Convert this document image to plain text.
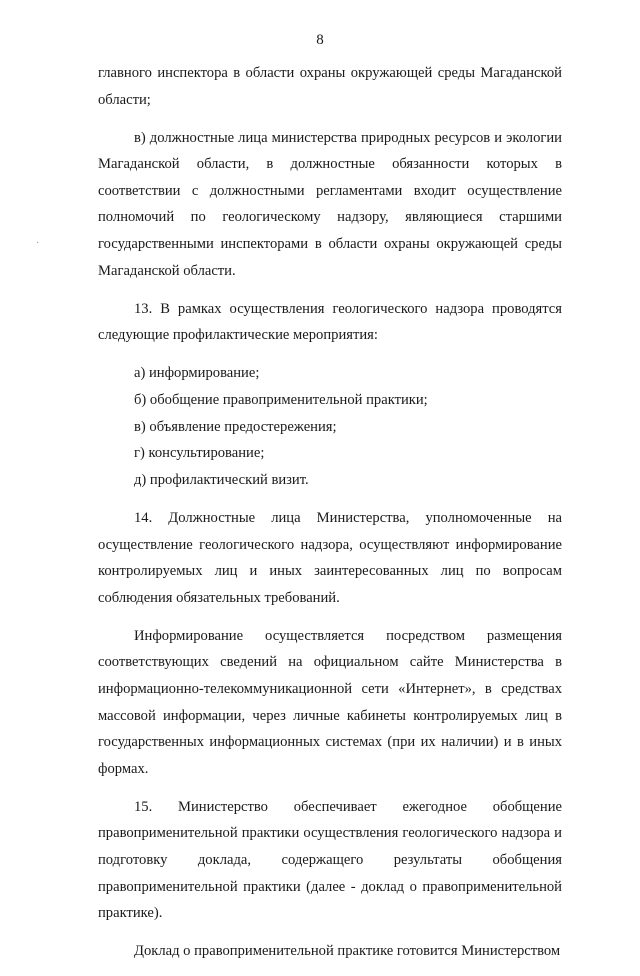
8

главного инспектора в области охраны окружающей среды Магаданской области;

в) должностные лица министерства природных ресурсов и экологии Магаданской области, в должностные обязанности которых в соответствии с должностными регламентами входит осуществление полномочий по геологическому надзору, являющиеся старшими государственными инспекторами в области охраны окружающей среды Магаданской области.

13. В рамках осуществления геологического надзора проводятся следующие профилактические мероприятия:

а) информирование;

б) обобщение правоприменительной практики;

в) объявление предостережения;

г) консультирование;

д) профилактический визит.

14. Должностные лица Министерства, уполномоченные на осуществление геологического надзора, осуществляют информирование контролируемых лиц и иных заинтересованных лиц по вопросам соблюдения обязательных требований.

Информирование осуществляется посредством размещения соответствующих сведений на официальном сайте Министерства в информационно-телекоммуникационной сети «Интернет», в средствах массовой информации, через личные кабинеты контролируемых лиц в государственных информационных системах (при их наличии) и в иных формах.

15. Министерство обеспечивает ежегодное обобщение правоприменительной практики осуществления геологического надзора и подготовку доклада, содержащего результаты обобщения правоприменительной практики (далее - доклад о правоприменительной практике).

Доклад о правоприменительной практике готовится Министерством

·
